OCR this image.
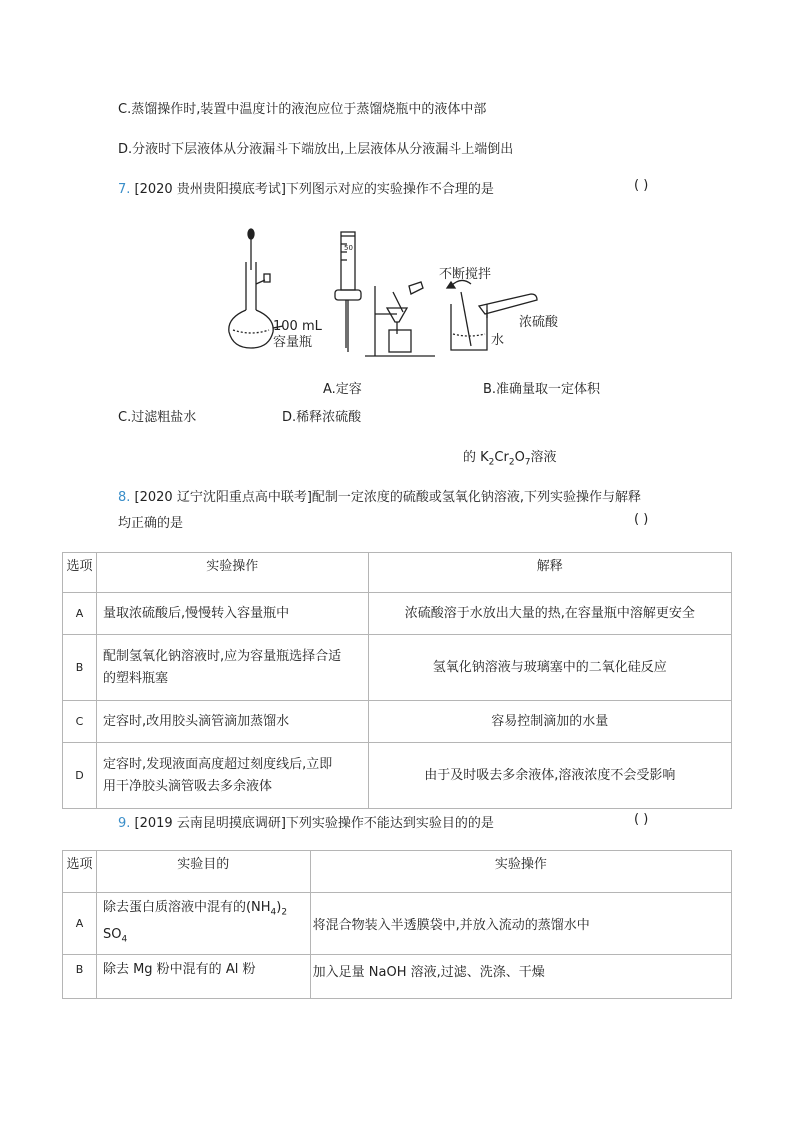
C.蒸馏操作时,装置中温度计的液泡应位于蒸馏烧瓶中的液体中部
D.分液时下层液体从分液漏斗下端放出,上层液体从分液漏斗上端倒出
7. [2020 贵州贵阳摸底考试]下列图示对应的实验操作不合理的是	( )
100 mL
容量瓶
50
不断搅拌
浓硫酸
水
A.定容	B.准确量取一定体积
C.过滤粗盐水	D.稀释浓硫酸
的 $K_2Cr_2O_7$溶液
8. [2020 辽宁沈阳重点高中联考]配制一定浓度的硫酸或氢氧化钠溶液,下列实验操作与解释
均正确的是	( )
选项	实验操作	解释
A	量取浓硫酸后,慢慢转入容量瓶中	浓硫酸溶于水放出大量的热,在容量瓶中溶解更安全
B	配制氢氧化钠溶液时,应为容量瓶选择合适
的塑料瓶塞	氢氧化钠溶液与玻璃塞中的二氧化硅反应
C	定容时,改用胶头滴管滴加蒸馏水	容易控制滴加的水量
D	定容时,发现液面高度超过刻度线后,立即
用干净胶头滴管吸去多余液体	由于及时吸去多余液体,溶液浓度不会受影响
9. [2019 云南昆明摸底调研]下列实验操作不能达到实验目的的是	( )
选项	实验目的	实验操作
A	除去蛋白质溶液中混有的$(NH_4)_2$
$SO_4$	将混合物装入半透膜袋中,并放入流动的蒸馏水中
B	除去 Mg 粉中混有的 Al 粉	加入足量 NaOH 溶液,过滤、洗涤、干燥
